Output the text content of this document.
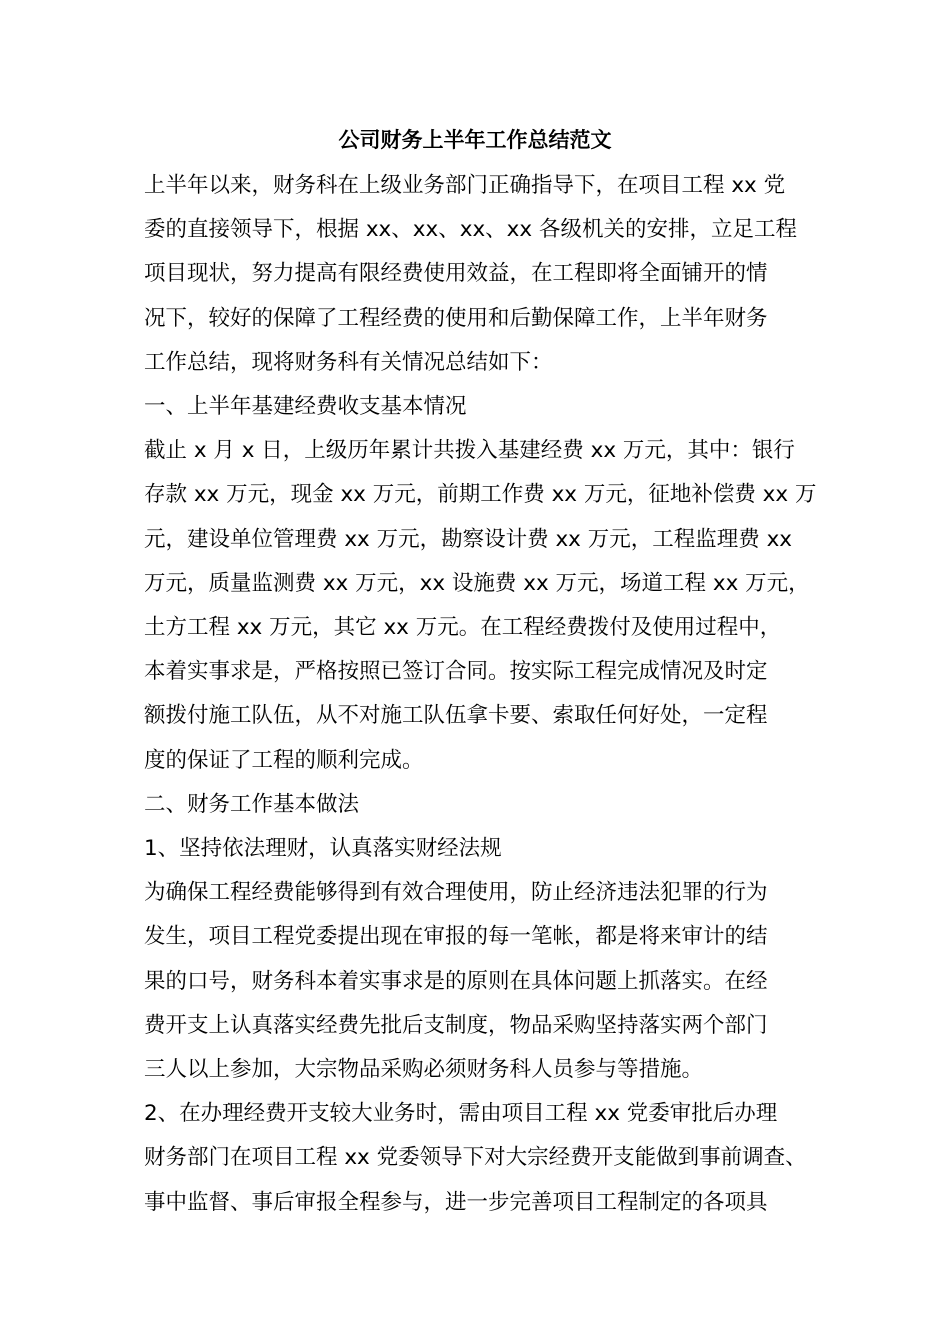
公司财务上半年工作总结范文
上半年以来，财务科在上级业务部门正确指导下，在项目工程 xx 党
委的直接领导下，根据 xx、xx、xx、xx 各级机关的安排，立足工程
项目现状，努力提高有限经费使用效益，在工程即将全面铺开的情
况下，较好的保障了工程经费的使用和后勤保障工作，上半年财务
工作总结，现将财务科有关情况总结如下：
一、上半年基建经费收支基本情况
截止 x 月 x 日，上级历年累计共拨入基建经费 xx 万元，其中：银行
存款 xx 万元，现金 xx 万元，前期工作费 xx 万元，征地补偿费 xx 万
元，建设单位管理费 xx 万元，勘察设计费 xx 万元，工程监理费 xx
万元，质量监测费 xx 万元，xx 设施费 xx 万元，场道工程 xx 万元，
土方工程 xx 万元，其它 xx 万元。在工程经费拨付及使用过程中，
本着实事求是，严格按照已签订合同。按实际工程完成情况及时定
额拨付施工队伍，从不对施工队伍拿卡要、索取任何好处，一定程
度的保证了工程的顺利完成。
二、财务工作基本做法
1、坚持依法理财，认真落实财经法规
为确保工程经费能够得到有效合理使用，防止经济违法犯罪的行为
发生，项目工程党委提出现在审报的每一笔帐，都是将来审计的结
果的口号，财务科本着实事求是的原则在具体问题上抓落实。在经
费开支上认真落实经费先批后支制度，物品采购坚持落实两个部门
三人以上参加，大宗物品采购必须财务科人员参与等措施。
2、在办理经费开支较大业务时，需由项目工程 xx 党委审批后办理
财务部门在项目工程 xx 党委领导下对大宗经费开支能做到事前调查、
事中监督、事后审报全程参与，进一步完善项目工程制定的各项具
